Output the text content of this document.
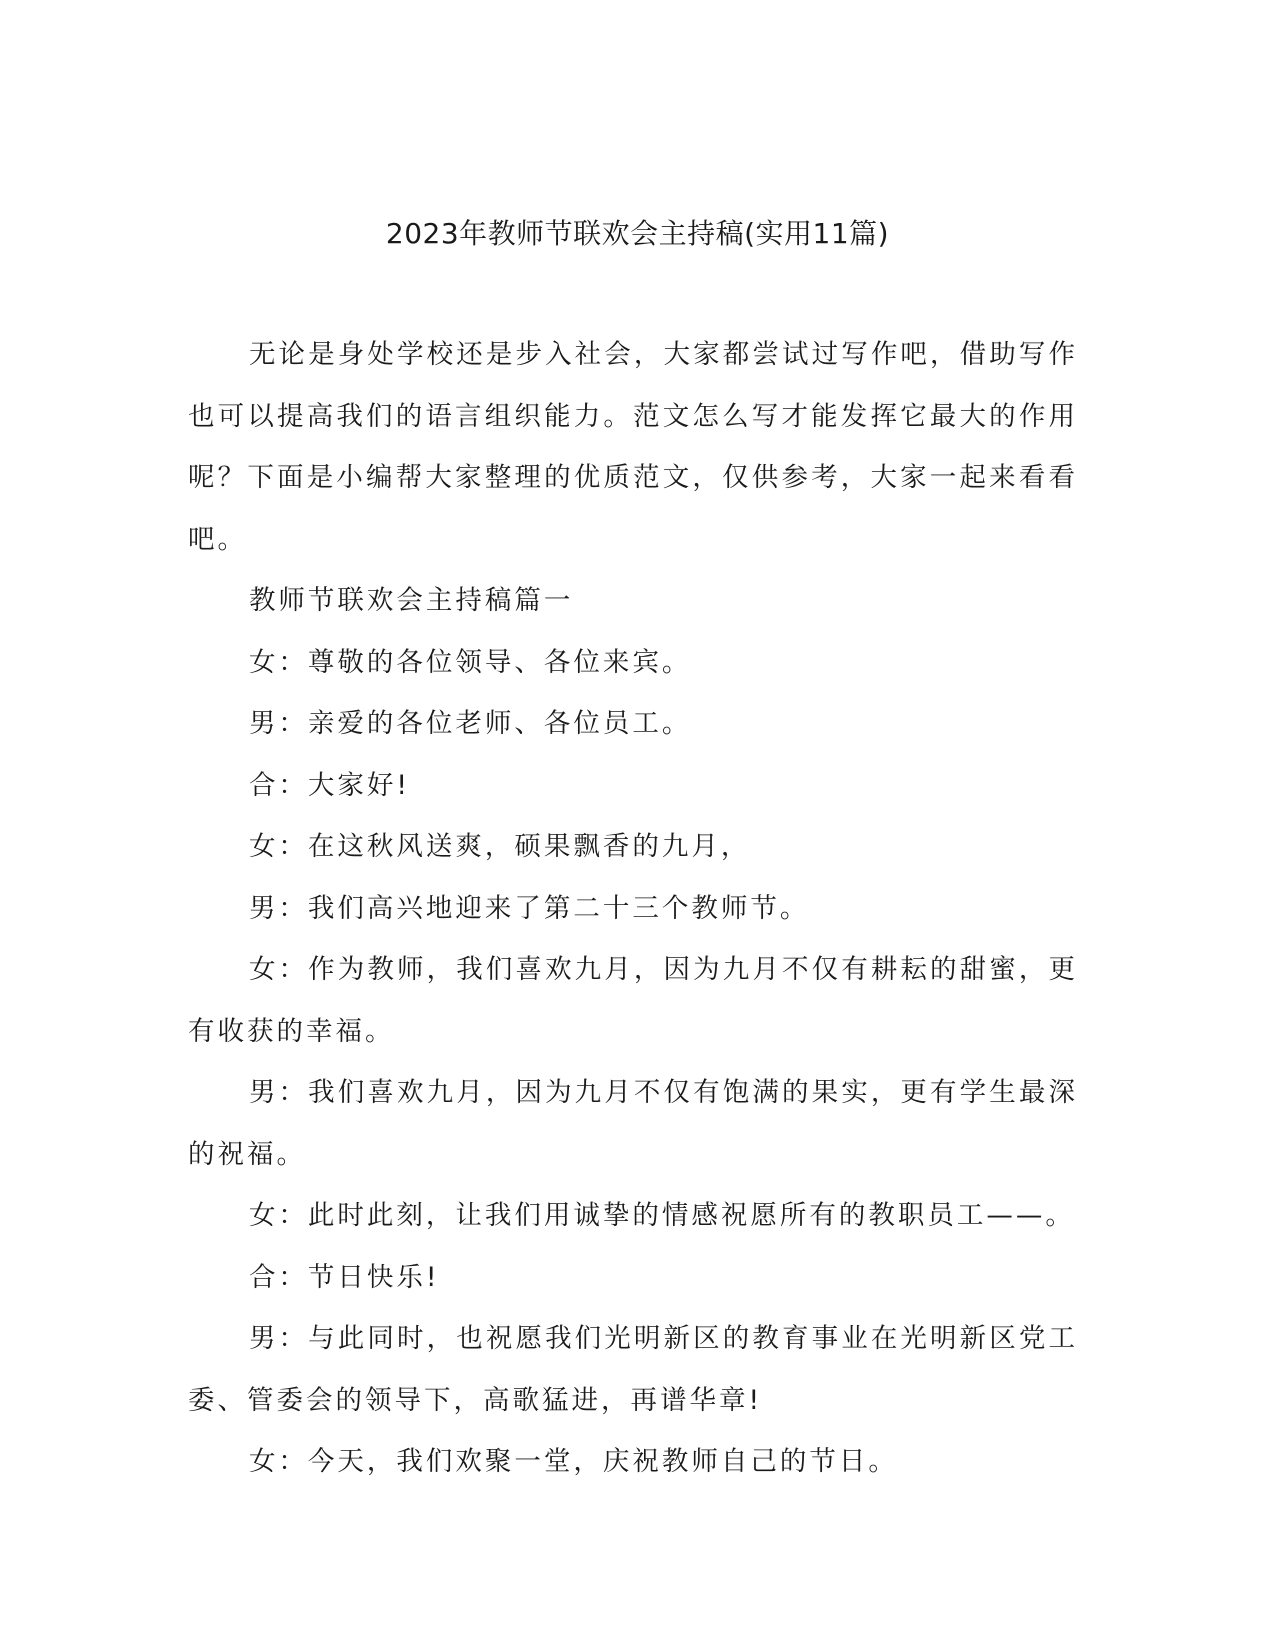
2023年教师节联欢会主持稿(实用11篇)

无论是身处学校还是步入社会，大家都尝试过写作吧，借助写作也可以提高我们的语言组织能力。范文怎么写才能发挥它最大的作用呢？下面是小编帮大家整理的优质范文，仅供参考，大家一起来看看吧。

教师节联欢会主持稿篇一

女：尊敬的各位领导、各位来宾。

男：亲爱的各位老师、各位员工。

合：大家好!

女：在这秋风送爽，硕果飘香的九月，

男：我们高兴地迎来了第二十三个教师节。

女：作为教师，我们喜欢九月，因为九月不仅有耕耘的甜蜜，更有收获的幸福。

男：我们喜欢九月，因为九月不仅有饱满的果实，更有学生最深的祝福。

女：此时此刻，让我们用诚挚的情感祝愿所有的教职员工——。

合：节日快乐!

男：与此同时，也祝愿我们光明新区的教育事业在光明新区党工委、管委会的领导下，高歌猛进，再谱华章!

女：今天，我们欢聚一堂，庆祝教师自己的节日。
